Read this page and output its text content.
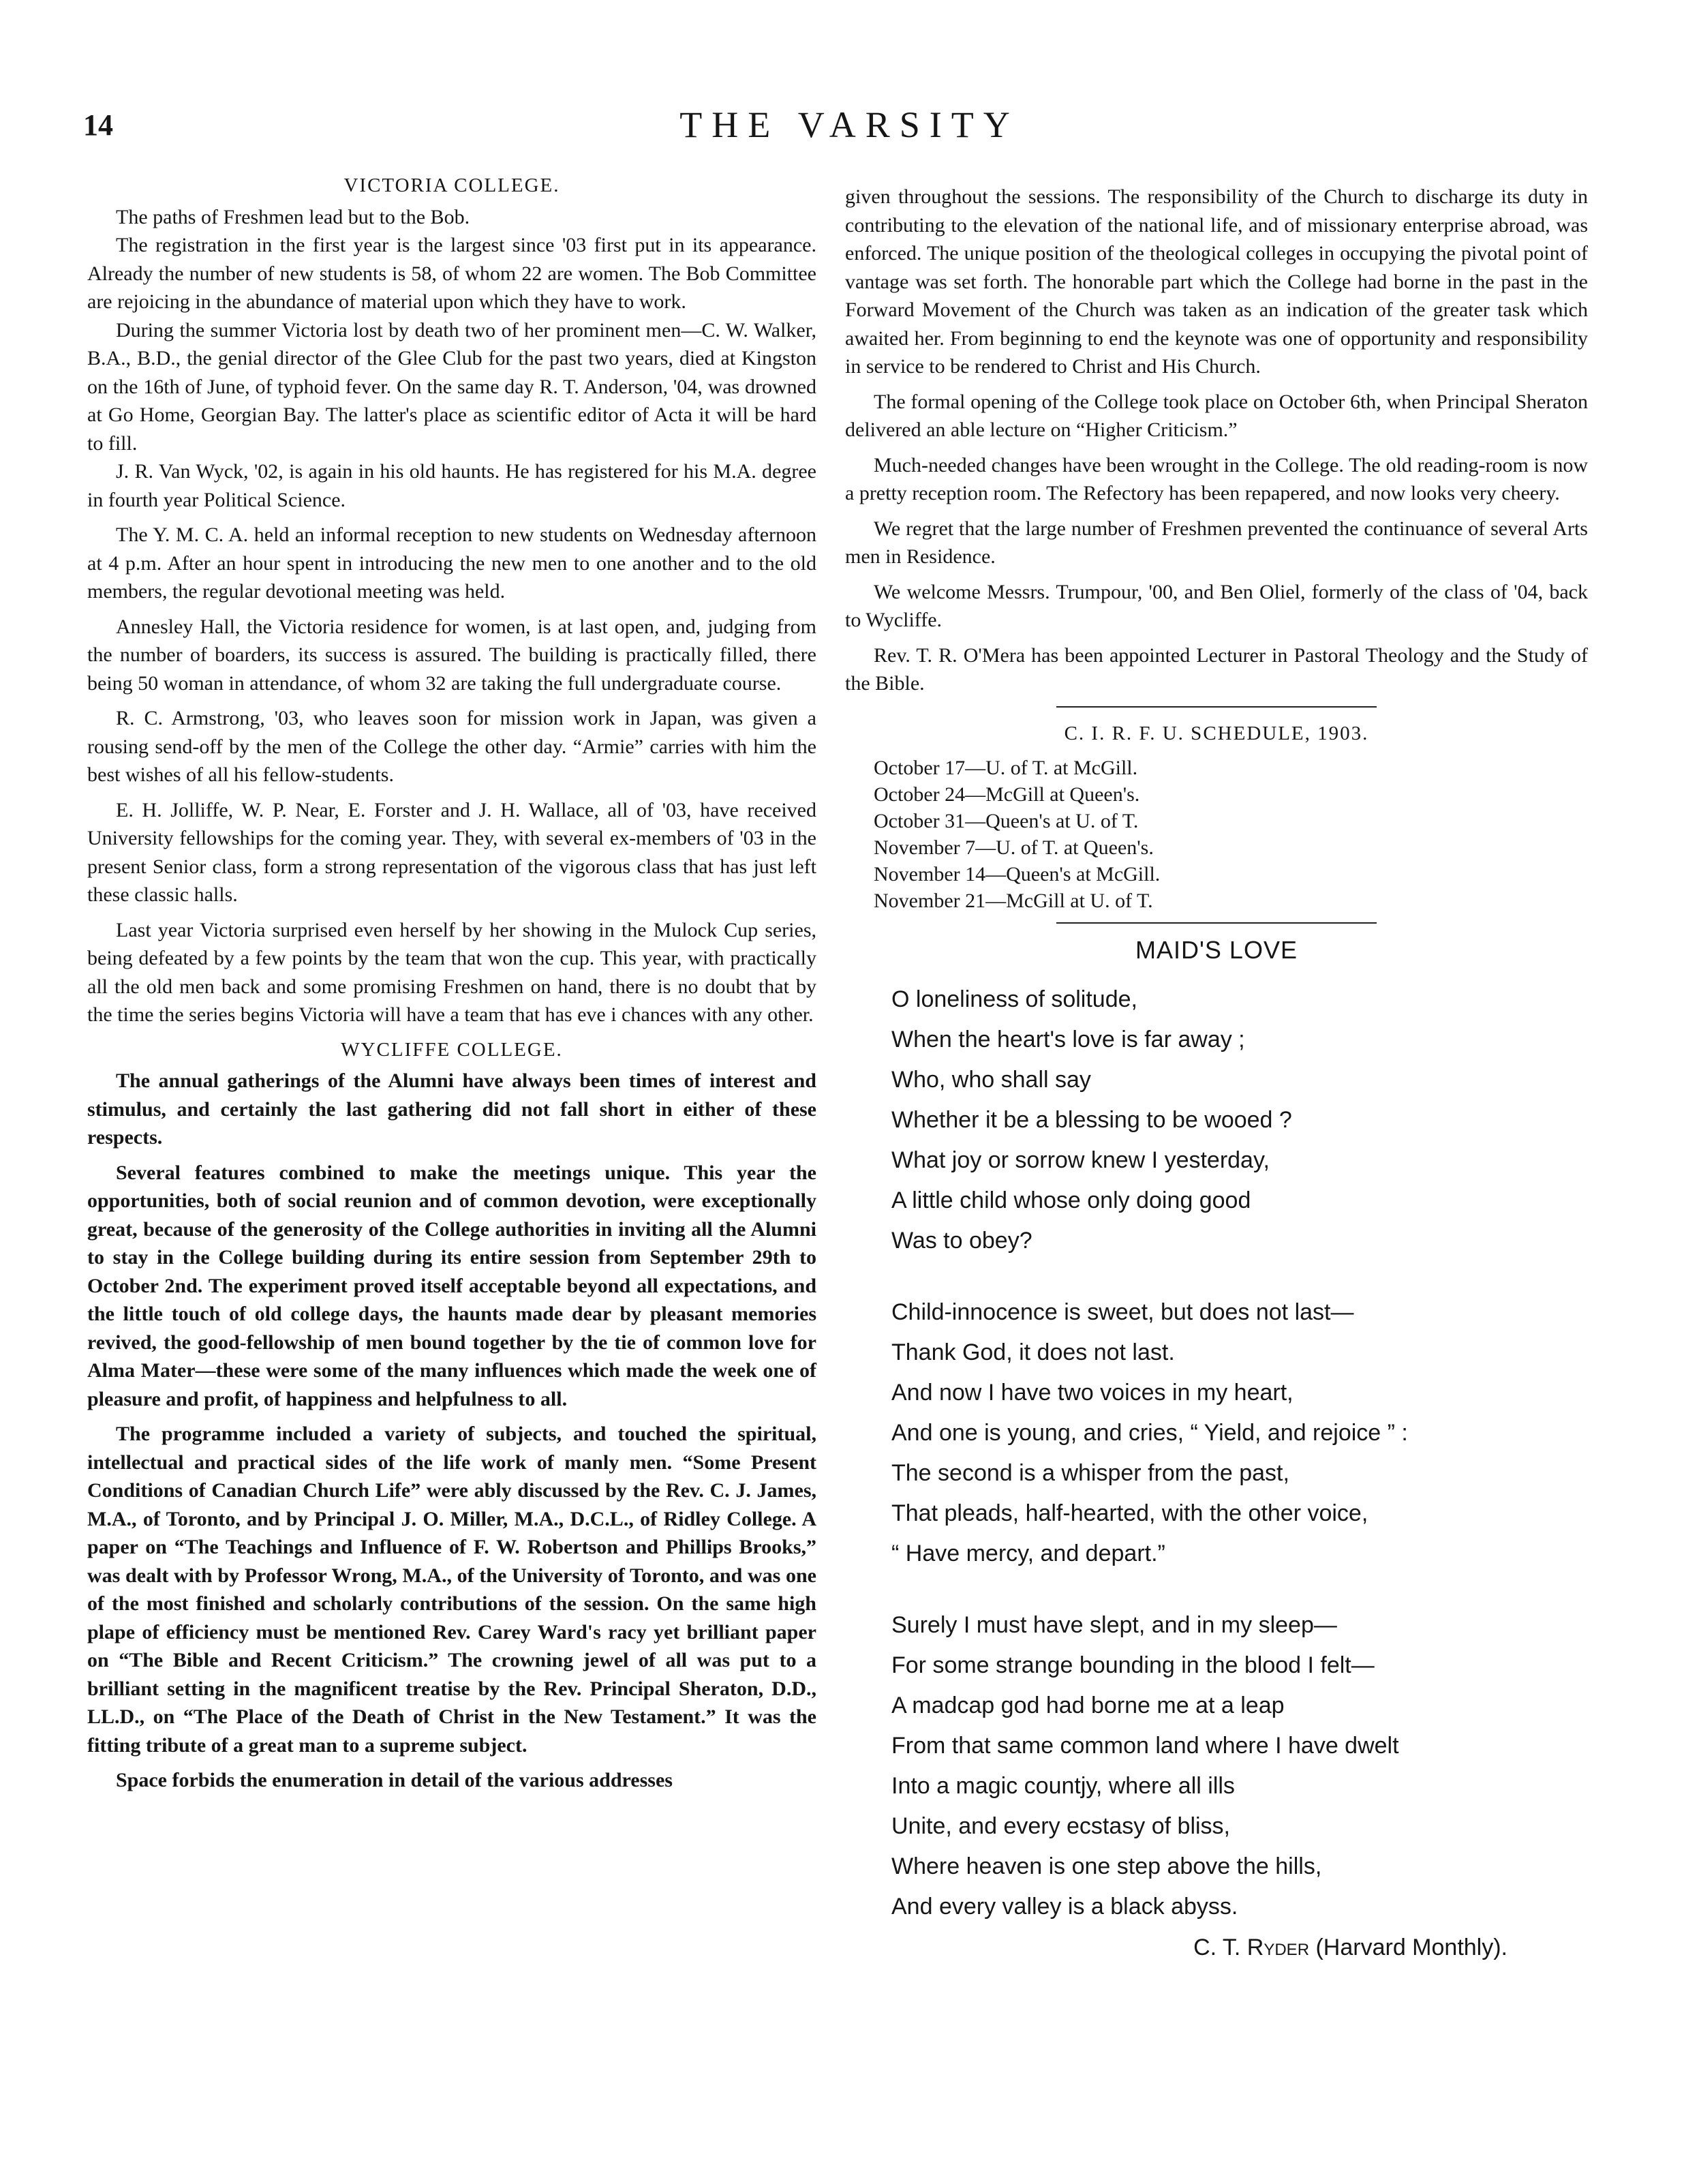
14	THE VARSITY
VICTORIA COLLEGE.

The paths of Freshmen lead but to the Bob.

The registration in the first year is the largest since '03 first put in its appearance. Already the number of new students is 58, of whom 22 are women. The Bob Committee are rejoicing in the abundance of material upon which they have to work.

During the summer Victoria lost by death two of her prominent men—C. W. Walker, B.A., B.D., the genial director of the Glee Club for the past two years, died at Kingston on the 16th of June, of typhoid fever. On the same day R. T. Anderson, '04, was drowned at Go Home, Georgian Bay. The latter's place as scientific editor of Acta it will be hard to fill.

J. R. Van Wyck, '02, is again in his old haunts. He has registered for his M.A. degree in fourth year Political Science.

The Y. M. C. A. held an informal reception to new students on Wednesday afternoon at 4 p.m. After an hour spent in introducing the new men to one another and to the old members, the regular devotional meeting was held.

Annesley Hall, the Victoria residence for women, is at last open, and, judging from the number of boarders, its success is assured. The building is practically filled, there being 50 woman in attendance, of whom 32 are taking the full undergraduate course.

R. C. Armstrong, '03, who leaves soon for mission work in Japan, was given a rousing send-off by the men of the College the other day. “Armie” carries with him the best wishes of all his fellow-students.

E. H. Jolliffe, W. P. Near, E. Forster and J. H. Wallace, all of '03, have received University fellowships for the coming year. They, with several ex-members of '03 in the present Senior class, form a strong representation of the vigorous class that has just left these classic halls.

Last year Victoria surprised even herself by her showing in the Mulock Cup series, being defeated by a few points by the team that won the cup. This year, with practically all the old men back and some promising Freshmen on hand, there is no doubt that by the time the series begins Victoria will have a team that has eve i chances with any other.

WYCLIFFE COLLEGE.

The annual gatherings of the Alumni have always been times of interest and stimulus, and certainly the last gathering did not fall short in either of these respects.

Several features combined to make the meetings unique. This year the opportunities, both of social reunion and of common devotion, were exceptionally great, because of the generosity of the College authorities in inviting all the Alumni to stay in the College building during its entire session from September 29th to October 2nd. The experiment proved itself acceptable beyond all expectations, and the little touch of old college days, the haunts made dear by pleasant memories revived, the good-fellowship of men bound together by the tie of common love for Alma Mater—these were some of the many influences which made the week one of pleasure and profit, of happiness and helpfulness to all.

The programme included a variety of subjects, and touched the spiritual, intellectual and practical sides of the life work of manly men. “Some Present Conditions of Canadian Church Life” were ably discussed by the Rev. C. J. James, M.A., of Toronto, and by Principal J. O. Miller, M.A., D.C.L., of Ridley College. A paper on “The Teachings and Influence of F. W. Robertson and Phillips Brooks,” was dealt with by Professor Wrong, M.A., of the University of Toronto, and was one of the most finished and scholarly contributions of the session. On the same high plape of efficiency must be mentioned Rev. Carey Ward's racy yet brilliant paper on “The Bible and Recent Criticism.” The crowning jewel of all was put to a brilliant setting in the magnificent treatise by the Rev. Principal Sheraton, D.D., LL.D., on “The Place of the Death of Christ in the New Testament.” It was the fitting tribute of a great man to a supreme subject.

Space forbids the enumeration in detail of the various addresses

given throughout the sessions. The responsibility of the Church to discharge its duty in contributing to the elevation of the national life, and of missionary enterprise abroad, was enforced. The unique position of the theological colleges in occupying the pivotal point of vantage was set forth. The honorable part which the College had borne in the past in the Forward Movement of the Church was taken as an indication of the greater task which awaited her. From beginning to end the keynote was one of opportunity and responsibility in service to be rendered to Christ and His Church.

The formal opening of the College took place on October 6th, when Principal Sheraton delivered an able lecture on “Higher Criticism.”

Much-needed changes have been wrought in the College. The old reading-room is now a pretty reception room. The Refectory has been repapered, and now looks very cheery.

We regret that the large number of Freshmen prevented the continuance of several Arts men in Residence.

We welcome Messrs. Trumpour, '00, and Ben Oliel, formerly of the class of '04, back to Wycliffe.

Rev. T. R. O'Mera has been appointed Lecturer in Pastoral Theology and the Study of the Bible.

C. I. R. F. U. SCHEDULE, 1903.
October 17—U. of T. at McGill.
October 24—McGill at Queen's.
October 31—Queen's at U. of T.
November 7—U. of T. at Queen's.
November 14—Queen's at McGill.
November 21—McGill at U. of T.
MAID'S LOVE
O loneliness of solitude,
When the heart's love is far away ;
Who, who shall say
Whether it be a blessing to be wooed ?
What joy or sorrow knew I yesterday,
A little child whose only doing good
Was to obey?
Child-innocence is sweet, but does not last—
Thank God, it does not last.
And now I have two voices in my heart,
And one is young, and cries, “ Yield, and rejoice ” :
The second is a whisper from the past,
That pleads, half-hearted, with the other voice,
“ Have mercy, and depart.”
Surely I must have slept, and in my sleep—
For some strange bounding in the blood I felt—
A madcap god had borne me at a leap
From that same common land where I have dwelt
Into a magic countjy, where all ills
Unite, and every ecstasy of bliss,
Where heaven is one step above the hills,
And every valley is a black abyss.
C. T. Ryder (Harvard Monthly).
